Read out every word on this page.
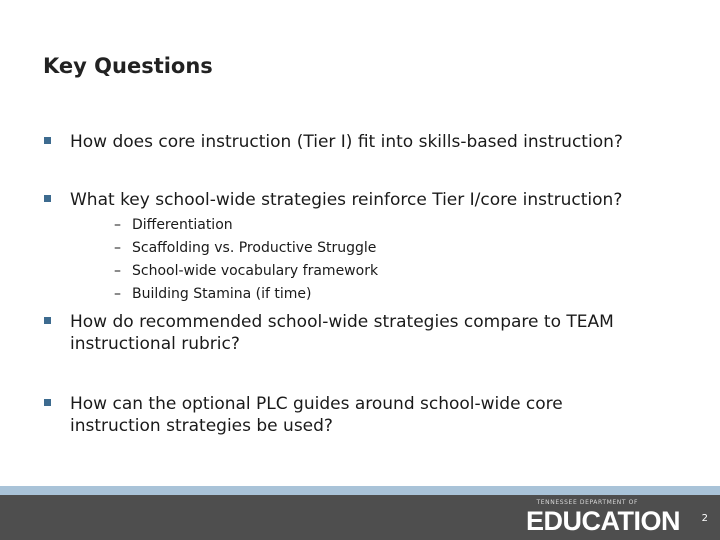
Key Questions
How does core instruction (Tier I) fit into skills-based instruction?
What key school-wide strategies reinforce Tier I/core instruction?
– Differentiation
– Scaffolding vs. Productive Struggle
– School-wide vocabulary framework
– Building Stamina (if time)
How do recommended school-wide strategies compare to TEAM instructional rubric?
How can the optional PLC guides around school-wide core instruction strategies be used?
TENNESSEE DEPARTMENT OF
EDUCATION 2
